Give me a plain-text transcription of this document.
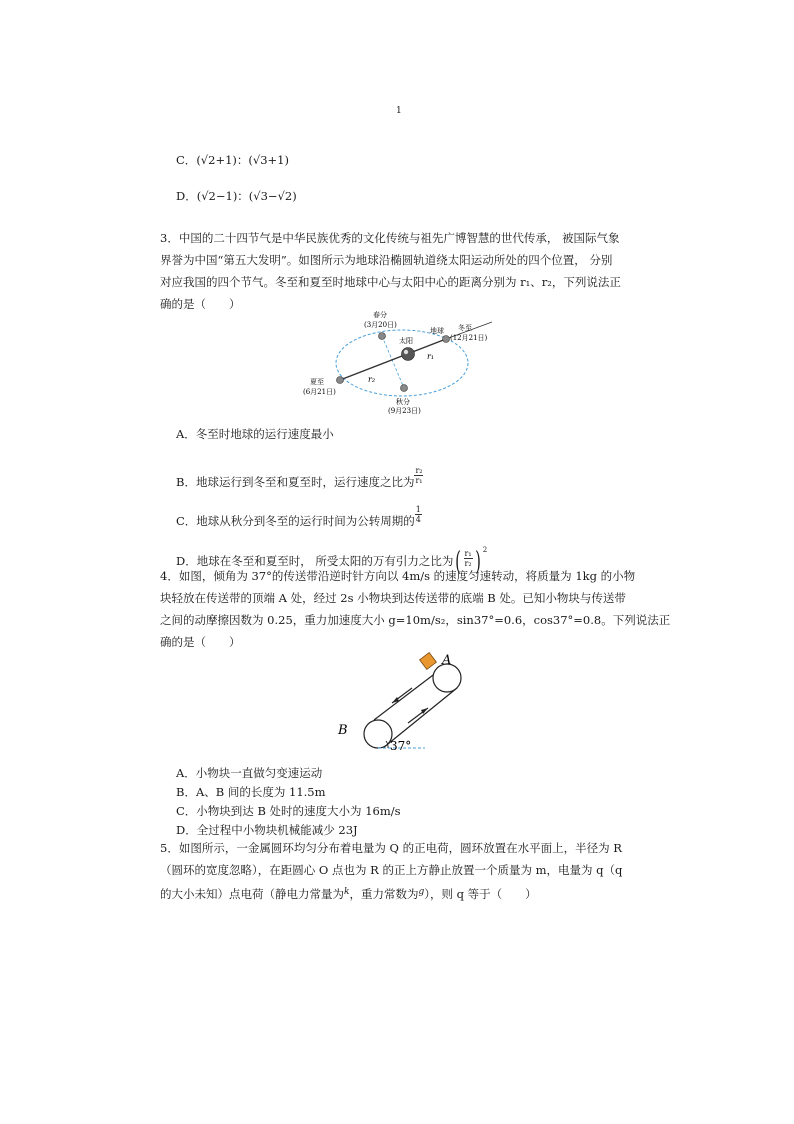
1
C．(√2+1)：(√3+1)
D．(√2−1)：(√3−√2)
3．中国的二十四节气是中华民族优秀的文化传统与祖先广博智慧的世代传承， 被国际气象
界誉为中国“第五大发明”。如图所示为地球沿椭圆轨道绕太阳运动所处的四个位置， 分别
对应我国的四个节气。冬至和夏至时地球中心与太阳中心的距离分别为 r₁、r₂，下列说法正
确的是（　　）
春分
(3月20日)
太阳
地球 冬至
(12月21日)
夏至
(6月21日)
秋分
(9月23日)
r₁
r₂
A．冬至时地球的运行速度最小
B．地球运行到冬至和夏至时，运行速度之比为 $\frac{\text{r₂}}{\text{r₁}}$
C．地球从秋分到冬至的运行时间为公转周期的 $\frac{1}{4}$
D．地球在冬至和夏至时， 所受太阳的万有引力之比为( $\frac{\text{r₁}}{\text{r₂}}$ ) $^2$
4．如图，倾角为 37°的传送带沿逆时针方向以 4m/s 的速度匀速转动，将质量为 1kg 的小物
块轻放在传送带的顶端 A 处，经过 2s 小物块到达传送带的底端 B 处。已知小物块与传送带
之间的动摩擦因数为 0.25，重力加速度大小 g=10m/s₂，sin37°=0.6，cos37°=0.8。下列说法正
确的是（　　）
A
B
37°
A．小物块一直做匀变速运动
B．A、B 间的长度为 11.5m
C．小物块到达 B 处时的速度大小为 16m/s
D．全过程中小物块机械能减少 23J
5．如图所示，一金属圆环均匀分布着电量为 Q 的正电荷，圆环放置在水平面上，半径为 R
（圆环的宽度忽略），在距圆心 O 点也为 R 的正上方静止放置一个质量为 m，电量为 q（q
的大小未知）点电荷（静电力常量为$^k$，重力常数为$^g$），则 q 等于（　　）
